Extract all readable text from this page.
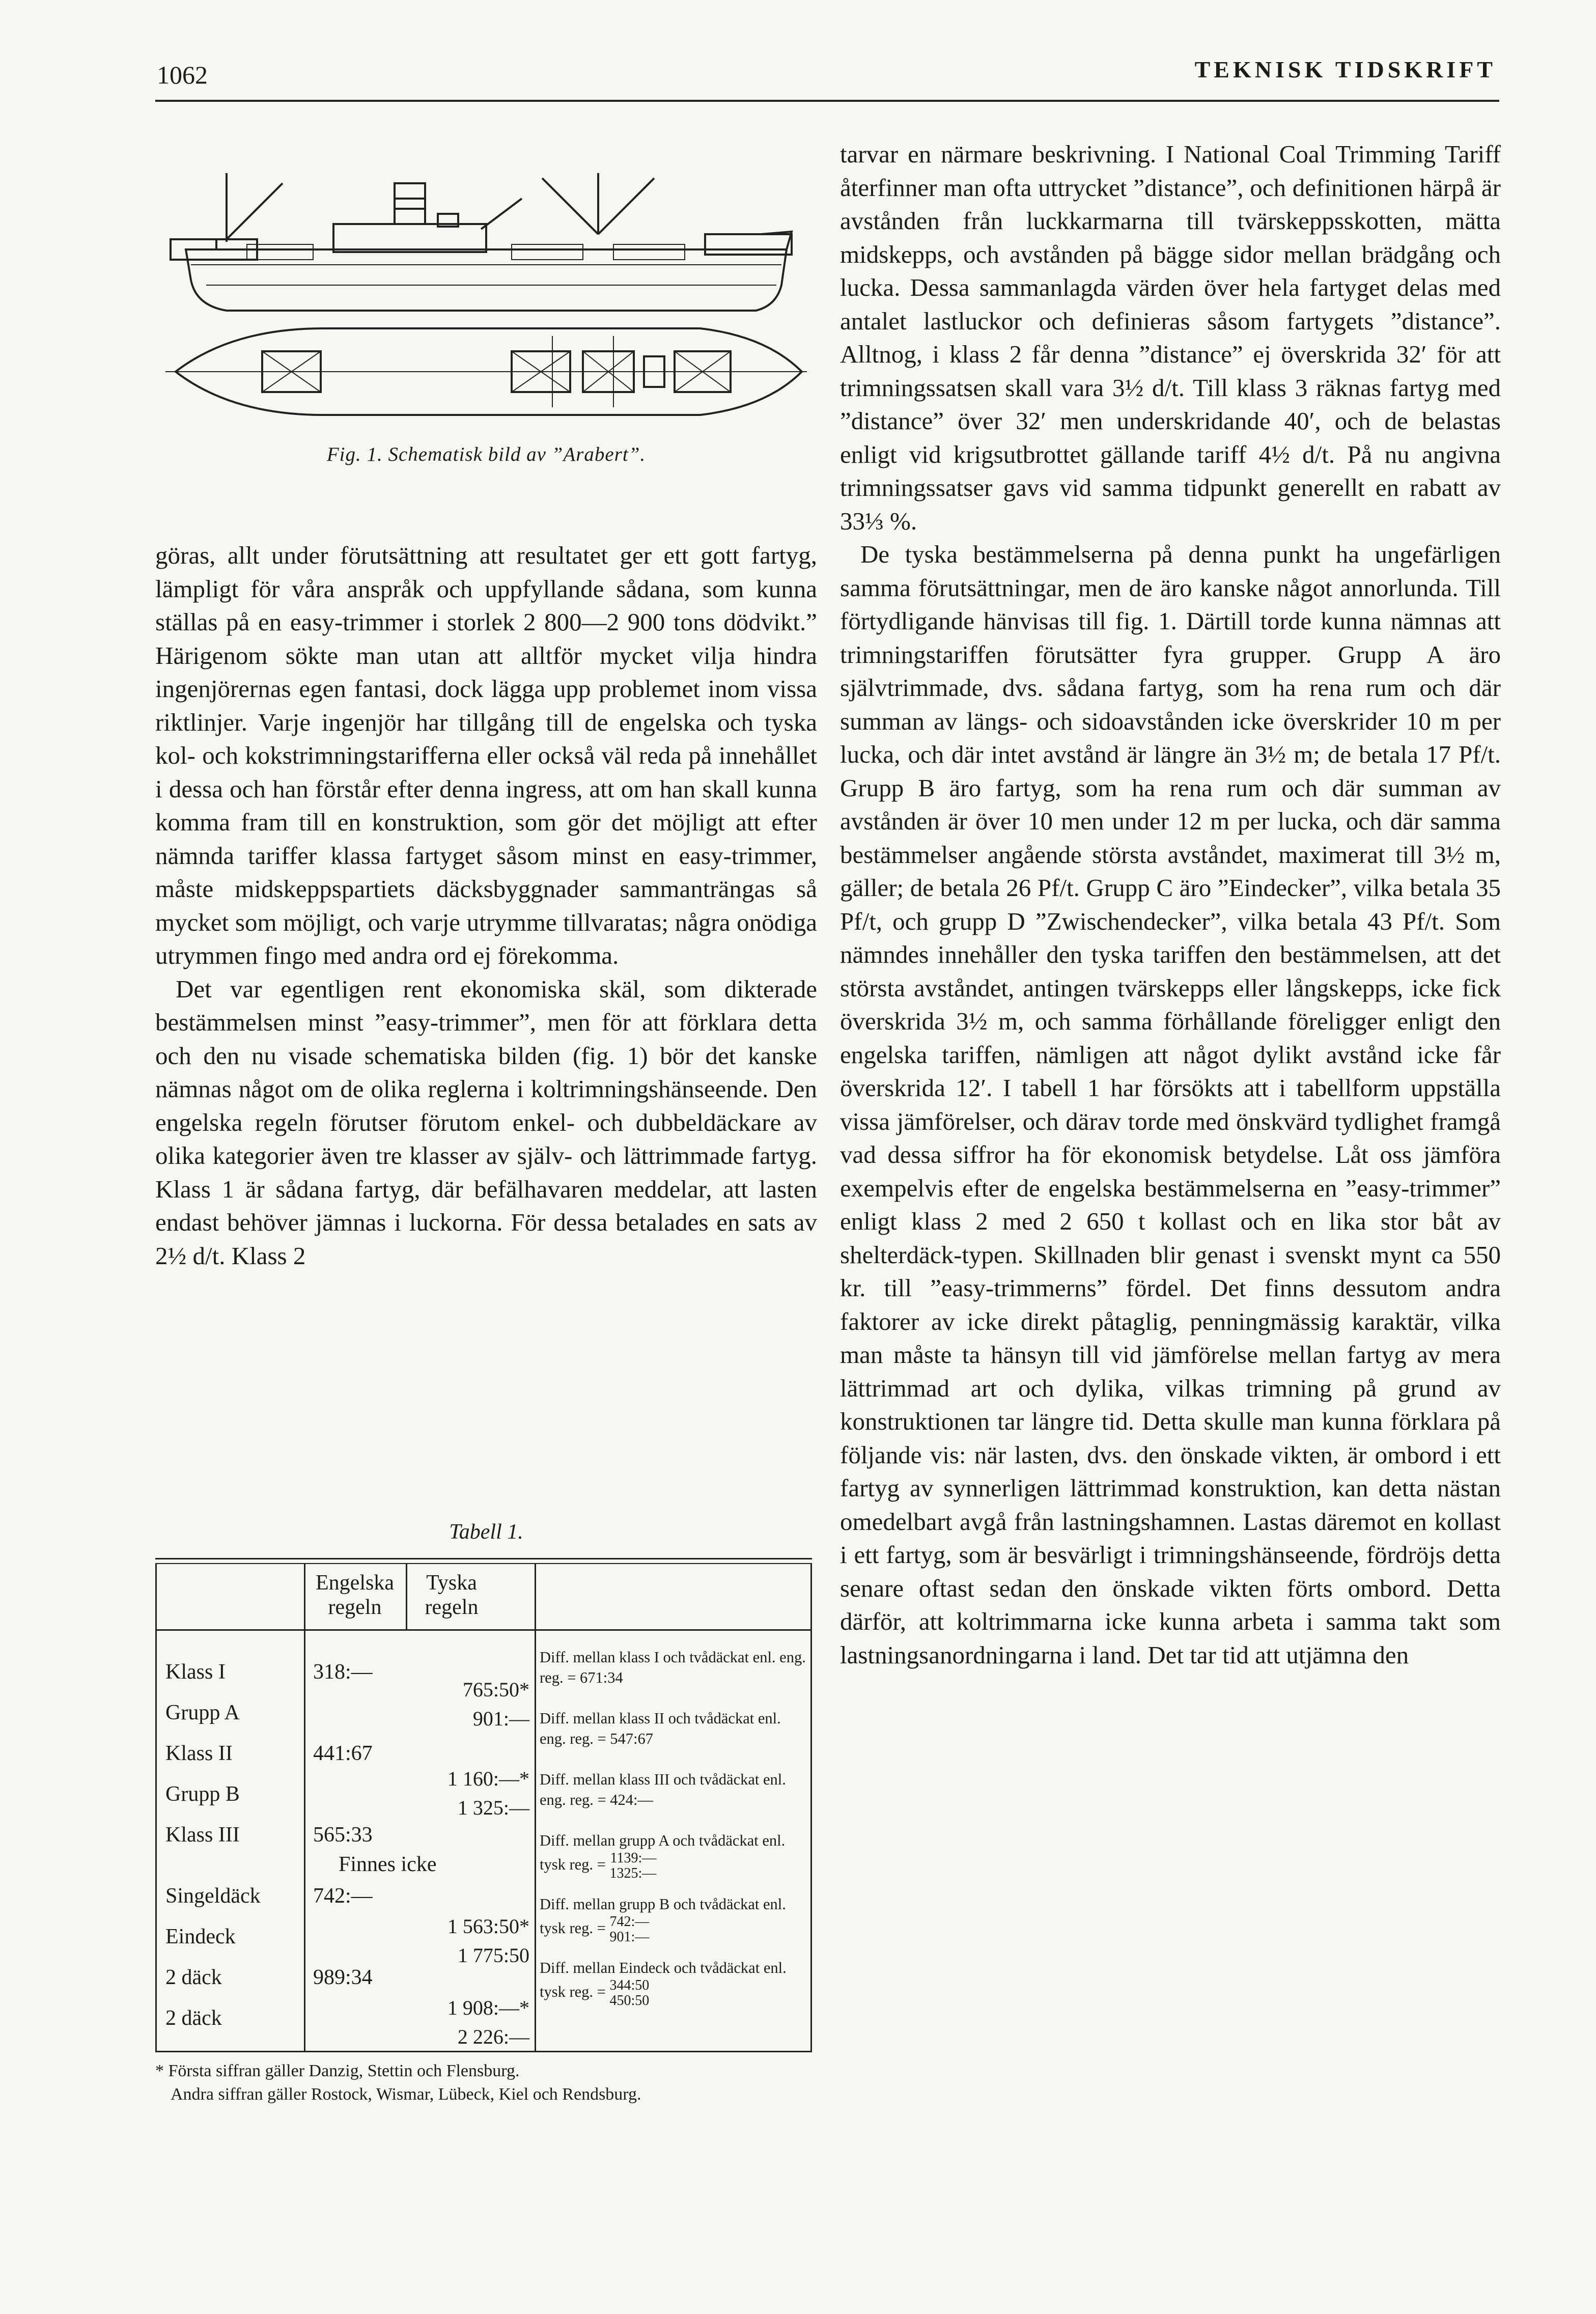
1062	TEKNISK TIDSKRIFT
Fig. 1. Schematisk bild av ”Arabert”.

göras, allt under förutsättning att resultatet ger ett gott fartyg, lämpligt för våra anspråk och uppfyllande sådana, som kunna ställas på en easy-trimmer i storlek 2 800—2 900 tons dödvikt.” Härigenom sökte man utan att alltför mycket vilja hindra ingenjörernas egen fantasi, dock lägga upp problemet inom vissa riktlinjer. Varje ingenjör har tillgång till de engelska och tyska kol- och kokstrimningstarifferna eller också väl reda på innehållet i dessa och han förstår efter denna ingress, att om han skall kunna komma fram till en konstruktion, som gör det möjligt att efter nämnda tariffer klassa fartyget såsom minst en easy-trimmer, måste midskeppspartiets däcksbyggnader sammanträngas så mycket som möjligt, och varje utrymme tillvaratas; några onödiga utrymmen fingo med andra ord ej förekomma.

Det var egentligen rent ekonomiska skäl, som dikterade bestämmelsen minst ”easy-trimmer”, men för att förklara detta och den nu visade schematiska bilden (fig. 1) bör det kanske nämnas något om de olika reglerna i koltrimningshänseende. Den engelska regeln förutser förutom enkel- och dubbeldäckare av olika kategorier även tre klasser av själv- och lättrimmade fartyg. Klass 1 är sådana fartyg, där befälhavaren meddelar, att lasten endast behöver jämnas i luckorna. För dessa betalades en sats av 2½ d/t. Klass 2

tarvar en närmare beskrivning. I National Coal Trimming Tariff återfinner man ofta uttrycket ”distance”, och definitionen härpå är avstånden från luckkarmarna till tvärskeppsskotten, mätta midskepps, och avstånden på bägge sidor mellan brädgång och lucka. Dessa sammanlagda värden över hela fartyget delas med antalet lastluckor och definieras såsom fartygets ”distance”. Alltnog, i klass 2 får denna ”distance” ej överskrida 32′ för att trimningssatsen skall vara 3½ d/t. Till klass 3 räknas fartyg med ”distance” över 32′ men underskridande 40′, och de belastas enligt vid krigsutbrottet gällande tariff 4½ d/t. På nu angivna trimningssatser gavs vid samma tidpunkt generellt en rabatt av 33⅓ %.

De tyska bestämmelserna på denna punkt ha ungefärligen samma förutsättningar, men de äro kanske något annorlunda. Till förtydligande hänvisas till fig. 1. Därtill torde kunna nämnas att trimningstariffen förutsätter fyra grupper. Grupp A äro självtrimmade, dvs. sådana fartyg, som ha rena rum och där summan av längs- och sidoavstånden icke överskrider 10 m per lucka, och där intet avstånd är längre än 3½ m; de betala 17 Pf/t. Grupp B äro fartyg, som ha rena rum och där summan av avstånden är över 10 men under 12 m per lucka, och där samma bestämmelser angående största avståndet, maximerat till 3½ m, gäller; de betala 26 Pf/t. Grupp C äro ”Eindecker”, vilka betala 35 Pf/t, och grupp D ”Zwischendecker”, vilka betala 43 Pf/t. Som nämndes innehåller den tyska tariffen den bestämmelsen, att det största avståndet, antingen tvärskepps eller långskepps, icke fick överskrida 3½ m, och samma förhållande föreligger enligt den engelska tariffen, nämligen att något dylikt avstånd icke får överskrida 12′. I tabell 1 har försökts att i tabellform uppställa vissa jämförelser, och därav torde med önskvärd tydlighet framgå vad dessa siffror ha för ekonomisk betydelse. Låt oss jämföra exempelvis efter de engelska bestämmelserna en ”easy-trimmer” enligt klass 2 med 2 650 t kollast och en lika stor båt av shelterdäck-typen. Skillnaden blir genast i svenskt mynt ca 550 kr. till ”easy-trimmerns” fördel. Det finns dessutom andra faktorer av icke direkt påtaglig, penningmässig karaktär, vilka man måste ta hänsyn till vid jämförelse mellan fartyg av mera lättrimmad art och dylika, vilkas trimning på grund av konstruktionen tar längre tid. Detta skulle man kunna förklara på följande vis: när lasten, dvs. den önskade vikten, är ombord i ett fartyg av synnerligen lättrimmad konstruktion, kan detta nästan omedelbart avgå från lastningshamnen. Lastas däremot en kollast i ett fartyg, som är besvärligt i trimningshänseende, fördröjs detta senare oftast sedan den önskade vikten förts ombord. Detta därför, att koltrimmarna icke kunna arbeta i samma takt som lastningsanordningarna i land. Det tar tid att utjämna den

Tabell 1.
Engelska regeln
Tyska regeln
Klass I
Grupp A
Klass II
Grupp B
Klass III
Singeldäck
Eindeck
2 däck
2 däck
318:—
441:67
565:33
742:—
989:34
Finnes icke
765:50*
901:—
1 160:—*
1 325:—
1 563:50*
1 775:50
1 908:—*
2 226:—
Diff. mellan klass I och tvådäckat enl. eng. reg. = 671:34
Diff. mellan klass II och tvådäckat enl. eng. reg. = 547:67
Diff. mellan klass III och tvådäckat enl. eng. reg. = 424:—
Diff. mellan grupp A och tvådäckat enl. tysk reg. = 1139:—
1325:—
Diff. mellan grupp B och tvådäckat enl. tysk reg. = 742:—
901:—
Diff. mellan Eindeck och tvådäckat enl. tysk reg. = 344:50
450:50

* Första siffran gäller Danzig, Stettin och Flensburg.

Andra siffran gäller Rostock, Wismar, Lübeck, Kiel och Rendsburg.
